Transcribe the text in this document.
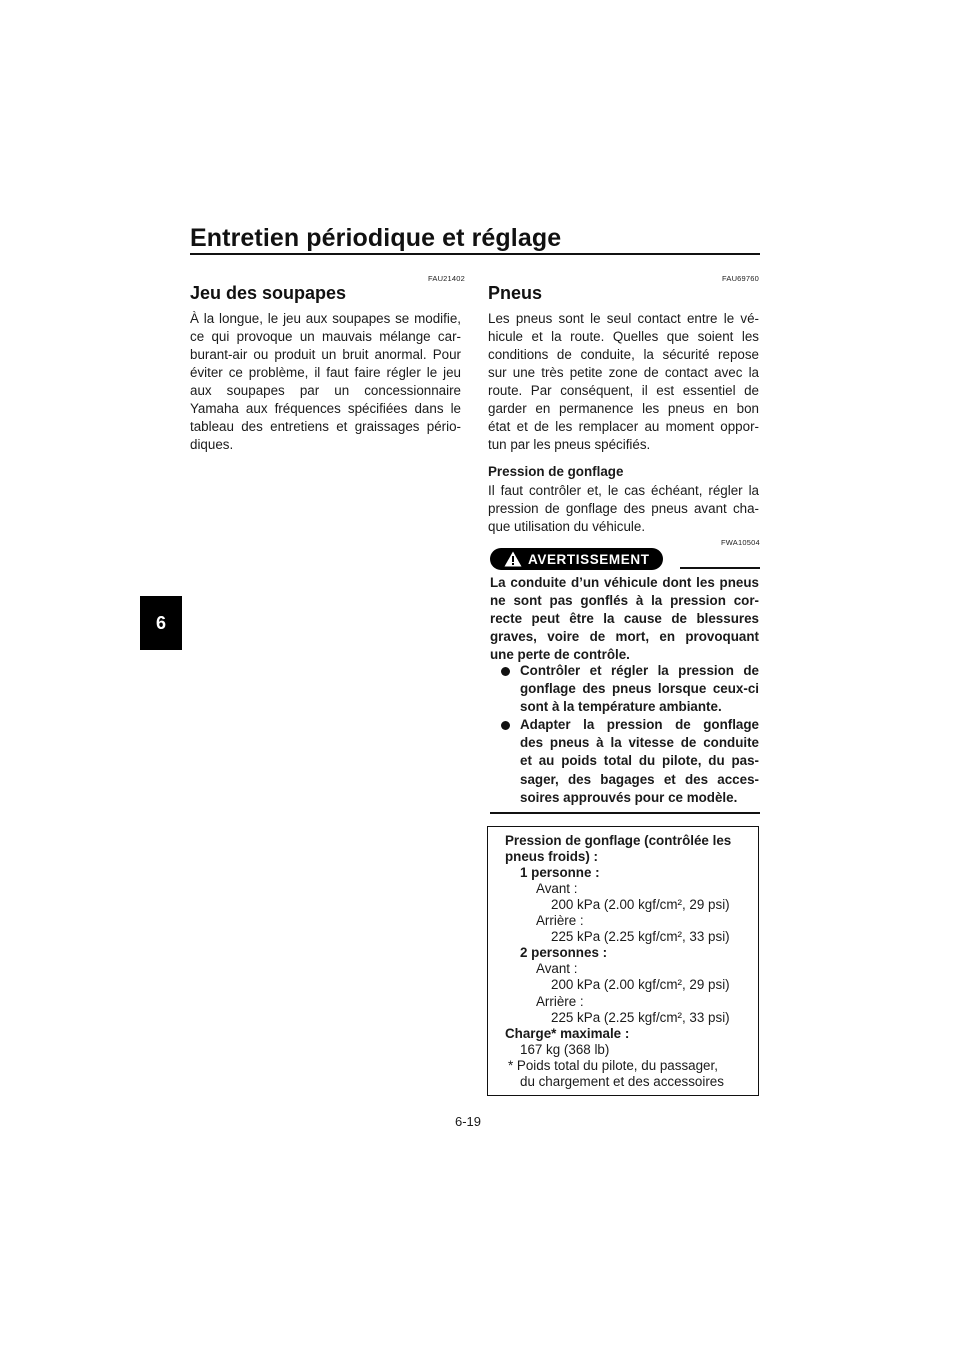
Entretien périodique et réglage
6
FAU21402
Jeu des soupapes
À la longue, le jeu aux soupapes se modifie,
ce qui provoque un mauvais mélange car-
burant-air ou produit un bruit anormal. Pour
éviter ce problème, il faut faire régler le jeu
aux soupapes par un concessionnaire
Yamaha aux fréquences spécifiées dans le
tableau des entretiens et graissages pério-
diques.
FAU69760
Pneus
Les pneus sont le seul contact entre le vé-
hicule et la route. Quelles que soient les
conditions de conduite, la sécurité repose
sur une très petite zone de contact avec la
route. Par conséquent, il est essentiel de
garder en permanence les pneus en bon
état et de les remplacer au moment oppor-
tun par les pneus spécifiés.
Pression de gonflage
Il faut contrôler et, le cas échéant, régler la
pression de gonflage des pneus avant cha-
que utilisation du véhicule.
FWA10504
AVERTISSEMENT
La conduite d’un véhicule dont les pneus
ne sont pas gonflés à la pression cor-
recte peut être la cause de blessures
graves, voire de mort, en provoquant
une perte de contrôle.
Contrôler et régler la pression de
gonflage des pneus lorsque ceux-ci
sont à la température ambiante.
Adapter la pression de gonflage
des pneus à la vitesse de conduite
et au poids total du pilote, du pas-
sager, des bagages et des acces-
soires approuvés pour ce modèle.
Pression de gonflage (contrôlée les
pneus froids) :
1 personne :
Avant :
200 kPa (2.00 kgf/cm², 29 psi)
Arrière :
225 kPa (2.25 kgf/cm², 33 psi)
2 personnes :
Avant :
200 kPa (2.00 kgf/cm², 29 psi)
Arrière :
225 kPa (2.25 kgf/cm², 33 psi)
Charge* maximale :
167 kg (368 lb)
* Poids total du pilote, du passager,
du chargement et des accessoires
6-19
